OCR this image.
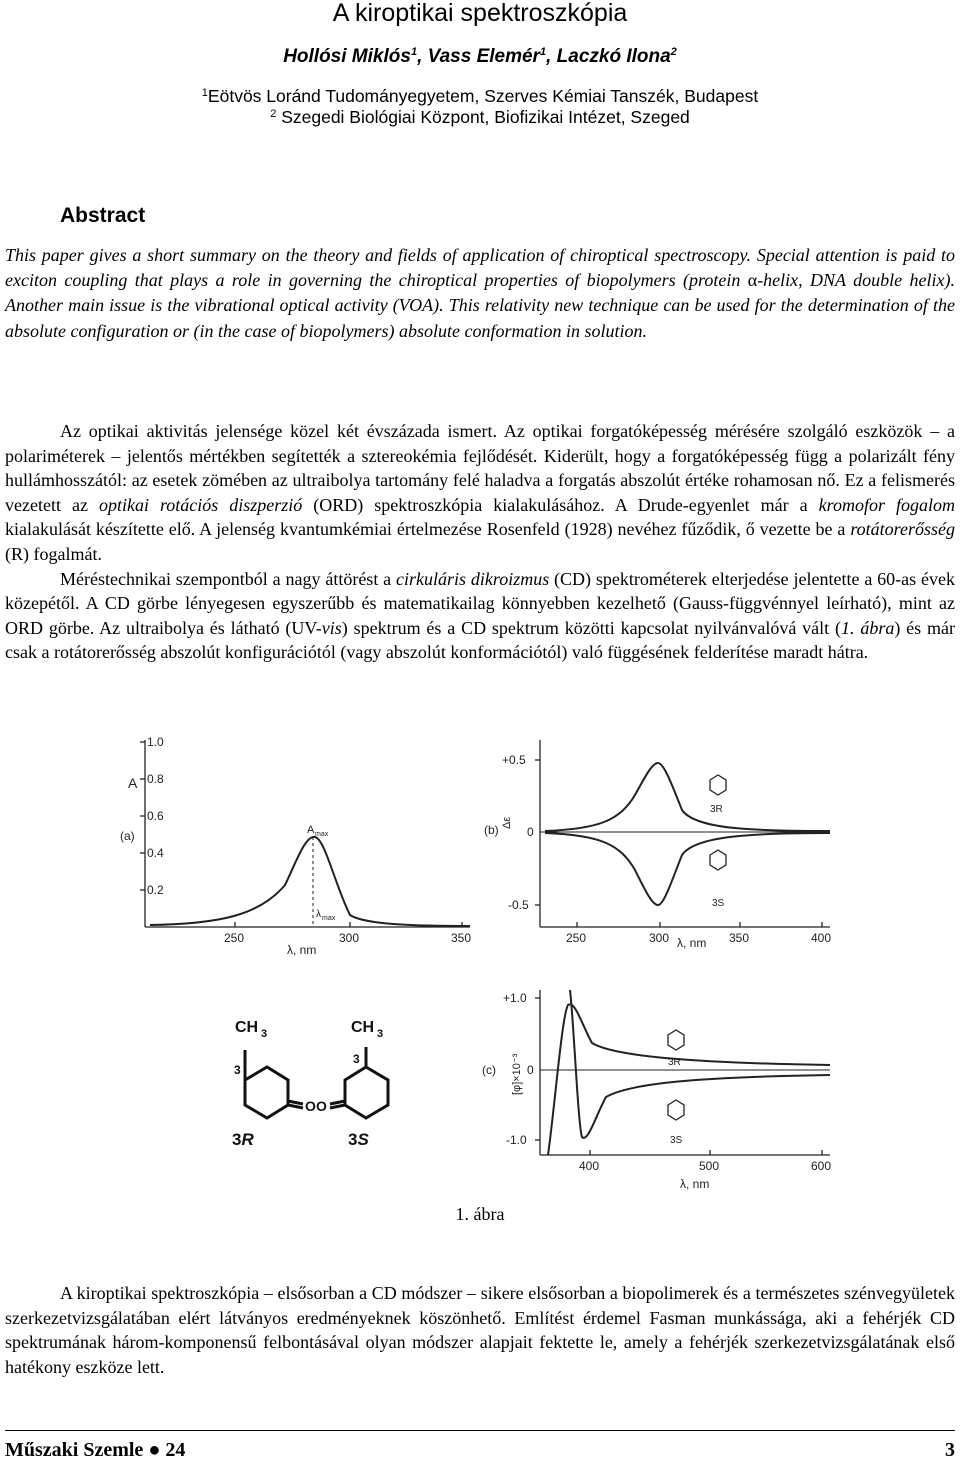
A kiroptikai spektroszkópia
Hollósi Miklós$^1$, Vass Elemér$^1$, Laczkó Ilona$^2$
$^1$Eötvös Loránd Tudományegyetem, Szerves Kémiai Tanszék, Budapest
$^2$ Szegedi Biológiai Központ, Biofizikai Intézet, Szeged
Abstract
This paper gives a short summary on the theory and fields of application of chiroptical spectroscopy. Special attention is paid to exciton coupling that plays a role in governing the chiroptical properties of biopolymers (protein α-helix, DNA double helix). Another main issue is the vibrational optical activity (VOA). This relativity new technique can be used for the determination of the absolute configuration or (in the case of biopolymers) absolute conformation in solution.

Az optikai aktivitás jelensége közel két évszázada ismert. Az optikai forgatóképesség mérésére szolgáló eszközök – a polariméterek – jelentős mértékben segítették a sztereokémia fejlődését. Kiderült, hogy a forgatóképesség függ a polarizált fény hullámhosszától: az esetek zömében az ultraibolya tartomány felé haladva a forgatás abszolút értéke rohamosan nő. Ez a felismerés vezetett az optikai rotációs diszperzió (ORD) spektroszkópia kialakulásához. A Drude-egyenlet már a kromofor fogalom kialakulását készítette elő. A jelenség kvantumkémiai értelmezése Rosenfeld (1928) nevéhez fűződik, ő vezette be a rotátorerősség (R) fogalmát.

Méréstechnikai szempontból a nagy áttörést a cirkuláris dikroizmus (CD) spektrométerek elterjedése jelentette a 60-as évek közepétől. A CD görbe lényegesen egyszerűbb és matematikailag könnyebben kezelhető (Gauss-függvénnyel leírható), mint az ORD görbe. Az ultraibolya és látható (UV-vis) spektrum és a CD spektrum közötti kapcsolat nyilvánvalóvá vált (1. ábra) és már csak a rotátorerősség abszolút konfigurációtól (vagy abszolút konformációtól) való függésének felderítése maradt hátra.

(a)
A
1.0
0.8
0.6
0.4
0.2
250	300	350
λ, nm
A max
λ max
(b)
Δε
+0.5
0
-0.5
250	300	350	400
λ, nm
3R
3S
(c) [φ]×10⁻³
+1.0
0
-1.0
400	500	600
λ, nm
3R
3S
CH 3
3
O
3R
CH 3
3
O
3S
1. ábra

A kiroptikai spektroszkópia – elsősorban a CD módszer – sikere elsősorban a biopolimerek és a természetes szénvegyületek szerkezetvizsgálatában elért látványos eredményeknek köszönhető. Említést érdemel Fasman munkássága, aki a fehérjék CD spektrumának három-komponensű felbontásával olyan módszer alapjait fektette le, amely a fehérjék szerkezetvizsgálatának első hatékony eszköze lett.

Műszaki Szemle ● 24	3
